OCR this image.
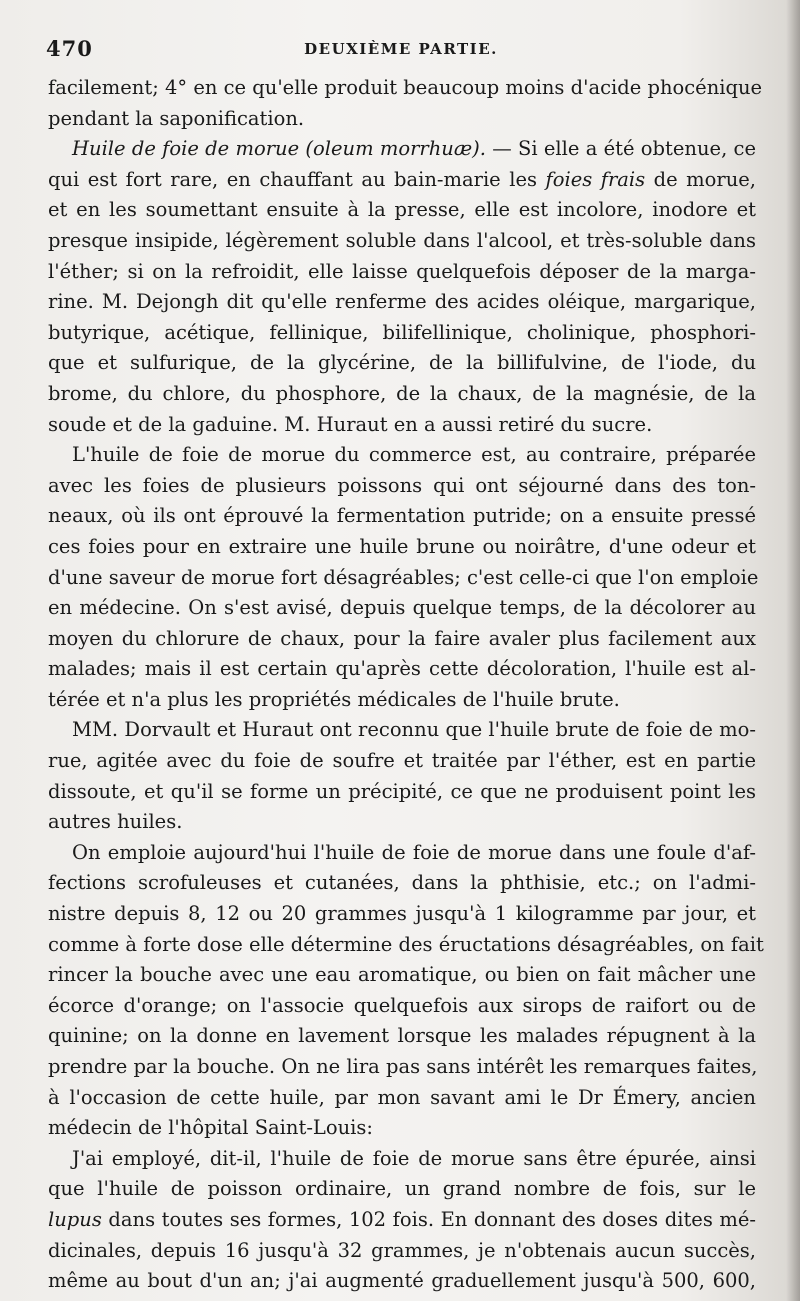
470	DEUXIÈME PARTIE.
facilement; 4° en ce qu'elle produit beaucoup moins d'acide phocénique
pendant la saponification.
Huile de foie de morue (oleum morrhuæ). — Si elle a été obtenue, ce
qui est fort rare, en chauffant au bain-marie les foies frais de morue,
et en les soumettant ensuite à la presse, elle est incolore, inodore et
presque insipide, légèrement soluble dans l'alcool, et très-soluble dans
l'éther; si on la refroidit, elle laisse quelquefois déposer de la marga-
rine. M. Dejongh dit qu'elle renferme des acides oléique, margarique,
butyrique, acétique, fellinique, bilifellinique, cholinique, phosphori-
que et sulfurique, de la glycérine, de la billifulvine, de l'iode, du
brome, du chlore, du phosphore, de la chaux, de la magnésie, de la
soude et de la gaduine. M. Huraut en a aussi retiré du sucre.
L'huile de foie de morue du commerce est, au contraire, préparée
avec les foies de plusieurs poissons qui ont séjourné dans des ton-
neaux, où ils ont éprouvé la fermentation putride; on a ensuite pressé
ces foies pour en extraire une huile brune ou noirâtre, d'une odeur et
d'une saveur de morue fort désagréables; c'est celle-ci que l'on emploie
en médecine. On s'est avisé, depuis quelque temps, de la décolorer au
moyen du chlorure de chaux, pour la faire avaler plus facilement aux
malades; mais il est certain qu'après cette décoloration, l'huile est al-
térée et n'a plus les propriétés médicales de l'huile brute.
MM. Dorvault et Huraut ont reconnu que l'huile brute de foie de mo-
rue, agitée avec du foie de soufre et traitée par l'éther, est en partie
dissoute, et qu'il se forme un précipité, ce que ne produisent point les
autres huiles.
On emploie aujourd'hui l'huile de foie de morue dans une foule d'af-
fections scrofuleuses et cutanées, dans la phthisie, etc.; on l'admi-
nistre depuis 8, 12 ou 20 grammes jusqu'à 1 kilogramme par jour, et
comme à forte dose elle détermine des éructations désagréables, on fait
rincer la bouche avec une eau aromatique, ou bien on fait mâcher une
écorce d'orange; on l'associe quelquefois aux sirops de raifort ou de
quinine; on la donne en lavement lorsque les malades répugnent à la
prendre par la bouche. On ne lira pas sans intérêt les remarques faites,
à l'occasion de cette huile, par mon savant ami le Dr Émery, ancien
médecin de l'hôpital Saint-Louis:
J'ai employé, dit-il, l'huile de foie de morue sans être épurée, ainsi
que l'huile de poisson ordinaire, un grand nombre de fois, sur le
lupus dans toutes ses formes, 102 fois. En donnant des doses dites mé-
dicinales, depuis 16 jusqu'à 32 grammes, je n'obtenais aucun succès,
même au bout d'un an; j'ai augmenté graduellement jusqu'à 500, 600,
